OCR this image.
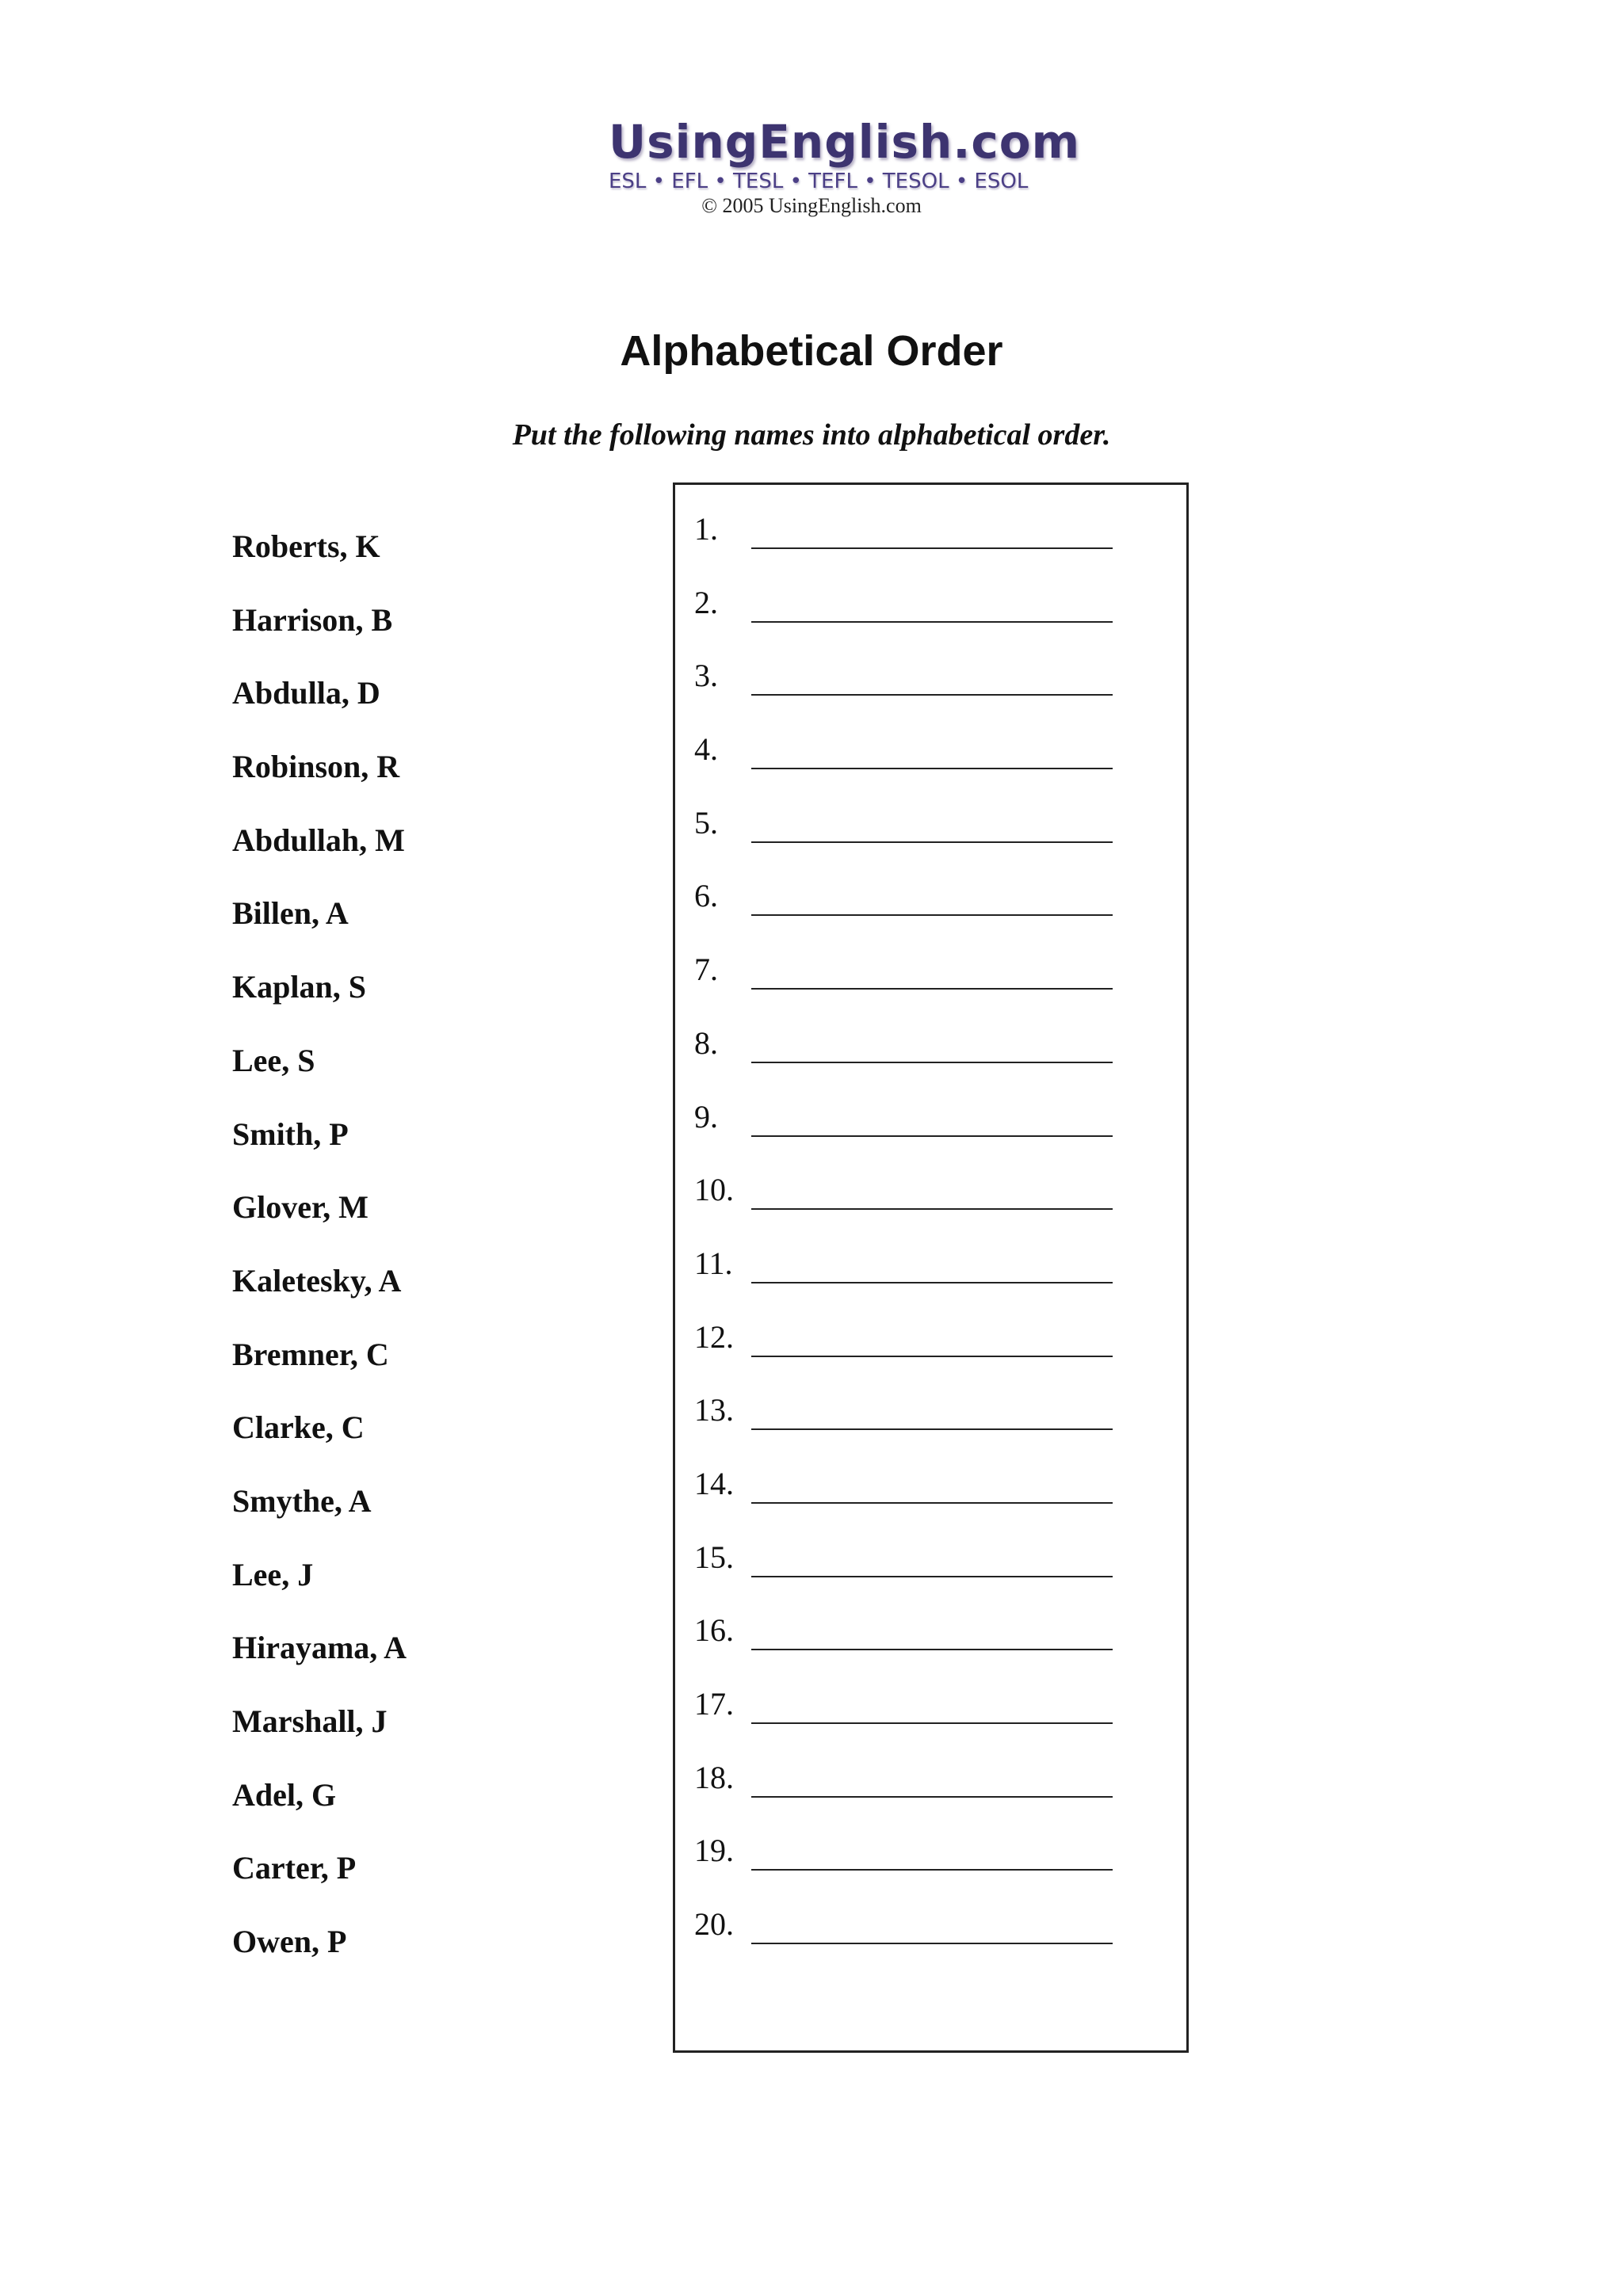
UsingEnglish.com
ESL • EFL • TESL • TEFL • TESOL • ESOL
© 2005 UsingEnglish.com
Alphabetical Order
Put the following names into alphabetical order.
Roberts, K
Harrison, B
Abdulla, D
Robinson, R
Abdullah, M
Billen, A
Kaplan, S
Lee, S
Smith, P
Glover, M
Kaletesky, A
Bremner, C
Clarke, C
Smythe, A
Lee, J
Hirayama, A
Marshall, J
Adel, G
Carter, P
Owen, P
1.
2.
3.
4.
5.
6.
7.
8.
9.
10.
11.
12.
13.
14.
15.
16.
17.
18.
19.
20.
